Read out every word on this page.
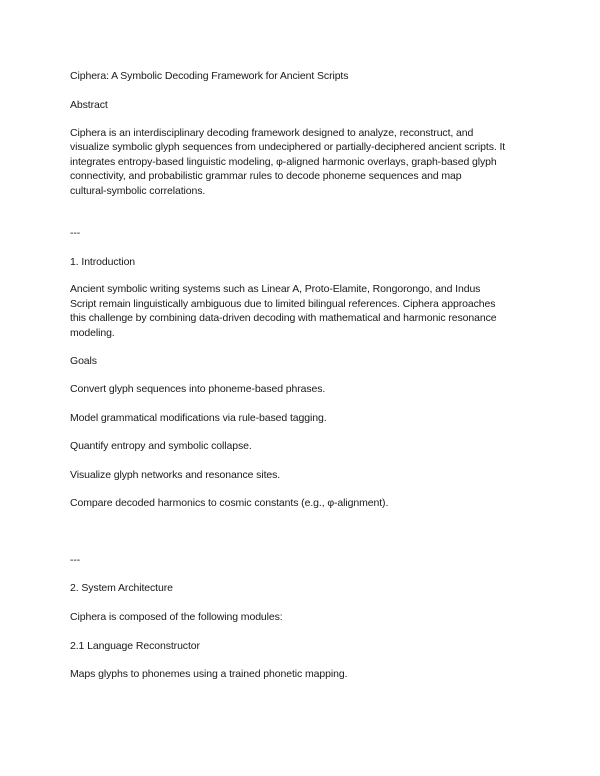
Ciphera: A Symbolic Decoding Framework for Ancient Scripts
Abstract
Ciphera is an interdisciplinary decoding framework designed to analyze, reconstruct, and
visualize symbolic glyph sequences from undeciphered or partially-deciphered ancient scripts. It
integrates entropy-based linguistic modeling, φ-aligned harmonic overlays, graph-based glyph
connectivity, and probabilistic grammar rules to decode phoneme sequences and map
cultural-symbolic correlations.
---
1. Introduction
Ancient symbolic writing systems such as Linear A, Proto-Elamite, Rongorongo, and Indus
Script remain linguistically ambiguous due to limited bilingual references. Ciphera approaches
this challenge by combining data-driven decoding with mathematical and harmonic resonance
modeling.
Goals
Convert glyph sequences into phoneme-based phrases.
Model grammatical modifications via rule-based tagging.
Quantify entropy and symbolic collapse.
Visualize glyph networks and resonance sites.
Compare decoded harmonics to cosmic constants (e.g., φ-alignment).
---
2. System Architecture
Ciphera is composed of the following modules:
2.1 Language Reconstructor
Maps glyphs to phonemes using a trained phonetic mapping.
